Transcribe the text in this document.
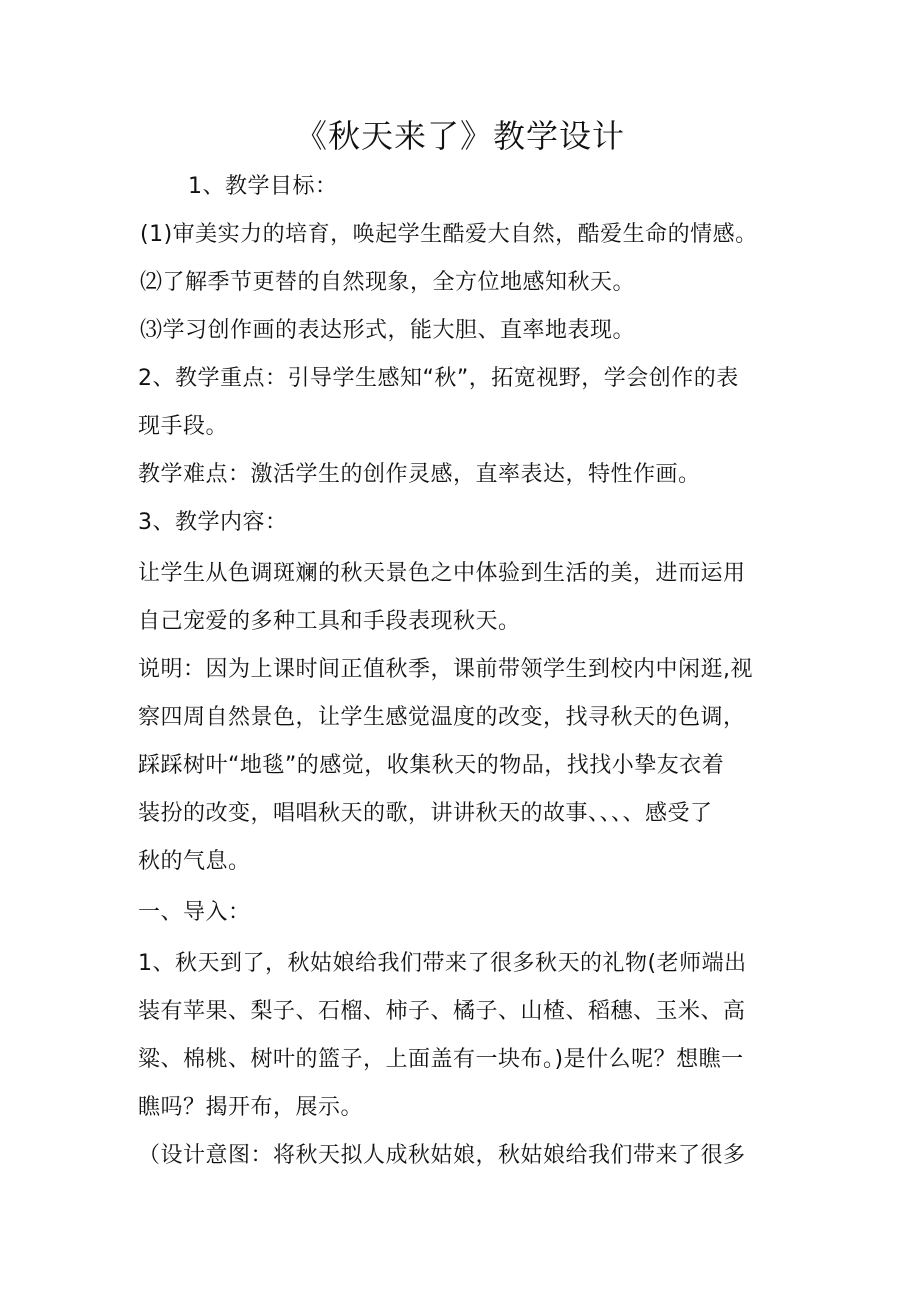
《秋天来了》教学设计
1、教学目标：
(1)审美实力的培育，唤起学生酷爱大自然，酷爱生命的情感。
⑵了解季节更替的自然现象，全方位地感知秋天。
⑶学习创作画的表达形式，能大胆、直率地表现。
2、教学重点：引导学生感知“秋”，拓宽视野，学会创作的表
现手段。
教学难点：激活学生的创作灵感，直率表达，特性作画。
3、教学内容：
让学生从色调斑斓的秋天景色之中体验到生活的美，进而运用
自己宠爱的多种工具和手段表现秋天。
说明：因为上课时间正值秋季，课前带领学生到校内中闲逛,视
察四周自然景色，让学生感觉温度的改变，找寻秋天的色调，
踩踩树叶“地毯”的感觉，收集秋天的物品，找找小挚友衣着
装扮的改变，唱唱秋天的歌，讲讲秋天的故事、、、、感受了
秋的气息。
一、导入：
1、秋天到了，秋姑娘给我们带来了很多秋天的礼物(老师端出
装有苹果、梨子、石榴、柿子、橘子、山楂、稻穗、玉米、高
粱、棉桃、树叶的篮子，上面盖有一块布。)是什么呢？想瞧一
瞧吗？揭开布，展示。
（设计意图：将秋天拟人成秋姑娘，秋姑娘给我们带来了很多
